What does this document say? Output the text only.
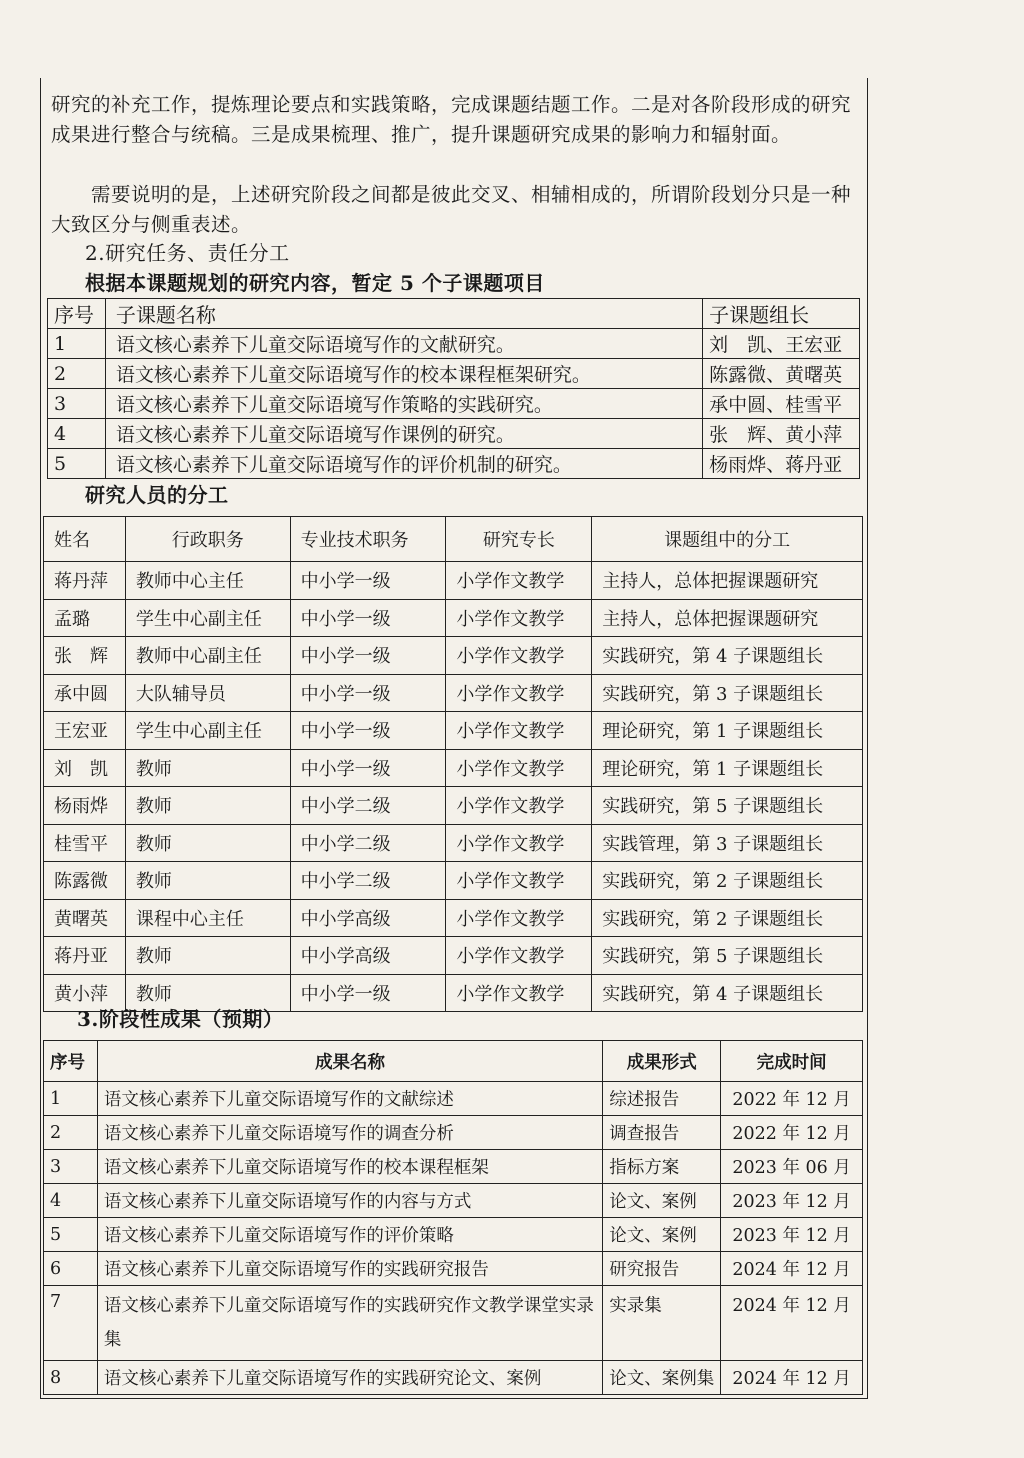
研究的补充工作，提炼理论要点和实践策略，完成课题结题工作。二是对各阶段形成的研究成果进行整合与统稿。三是成果梳理、推广，提升课题研究成果的影响力和辐射面。
需要说明的是，上述研究阶段之间都是彼此交叉、相辅相成的，所谓阶段划分只是一种大致区分与侧重表述。
2.研究任务、责任分工
根据本课题规划的研究内容，暂定 5 个子课题项目
序号	子课题名称	子课题组长
1	语文核心素养下儿童交际语境写作的文献研究。	刘　凯、王宏亚
2	语文核心素养下儿童交际语境写作的校本课程框架研究。	陈露微、黄曙英
3	语文核心素养下儿童交际语境写作策略的实践研究。	承中圆、桂雪平
4	语文核心素养下儿童交际语境写作课例的研究。	张　辉、黄小萍
5	语文核心素养下儿童交际语境写作的评价机制的研究。	杨雨烨、蒋丹亚
研究人员的分工
姓名	行政职务	专业技术职务	研究专长	课题组中的分工
蒋丹萍	教师中心主任	中小学一级	小学作文教学	主持人，总体把握课题研究
孟璐	学生中心副主任	中小学一级	小学作文教学	主持人，总体把握课题研究
张　辉	教师中心副主任	中小学一级	小学作文教学	实践研究，第 4 子课题组长
承中圆	大队辅导员	中小学一级	小学作文教学	实践研究，第 3 子课题组长
王宏亚	学生中心副主任	中小学一级	小学作文教学	理论研究，第 1 子课题组长
刘　凯	教师	中小学一级	小学作文教学	理论研究，第 1 子课题组长
杨雨烨	教师	中小学二级	小学作文教学	实践研究，第 5 子课题组长
桂雪平	教师	中小学二级	小学作文教学	实践管理，第 3 子课题组长
陈露微	教师	中小学二级	小学作文教学	实践研究，第 2 子课题组长
黄曙英	课程中心主任	中小学高级	小学作文教学	实践研究，第 2 子课题组长
蒋丹亚	教师	中小学高级	小学作文教学	实践研究，第 5 子课题组长
黄小萍	教师	中小学一级	小学作文教学	实践研究，第 4 子课题组长
3.阶段性成果（预期）
序号	成果名称	成果形式	完成时间
1	语文核心素养下儿童交际语境写作的文献综述	综述报告	2022 年 12 月
2	语文核心素养下儿童交际语境写作的调查分析	调查报告	2022 年 12 月
3	语文核心素养下儿童交际语境写作的校本课程框架	指标方案	2023 年 06 月
4	语文核心素养下儿童交际语境写作的内容与方式	论文、案例	2023 年 12 月
5	语文核心素养下儿童交际语境写作的评价策略	论文、案例	2023 年 12 月
6	语文核心素养下儿童交际语境写作的实践研究报告	研究报告	2024 年 12 月
7	语文核心素养下儿童交际语境写作的实践研究作文教学课堂实录集	实录集	2024 年 12 月
8	语文核心素养下儿童交际语境写作的实践研究论文、案例	论文、案例集	2024 年 12 月
